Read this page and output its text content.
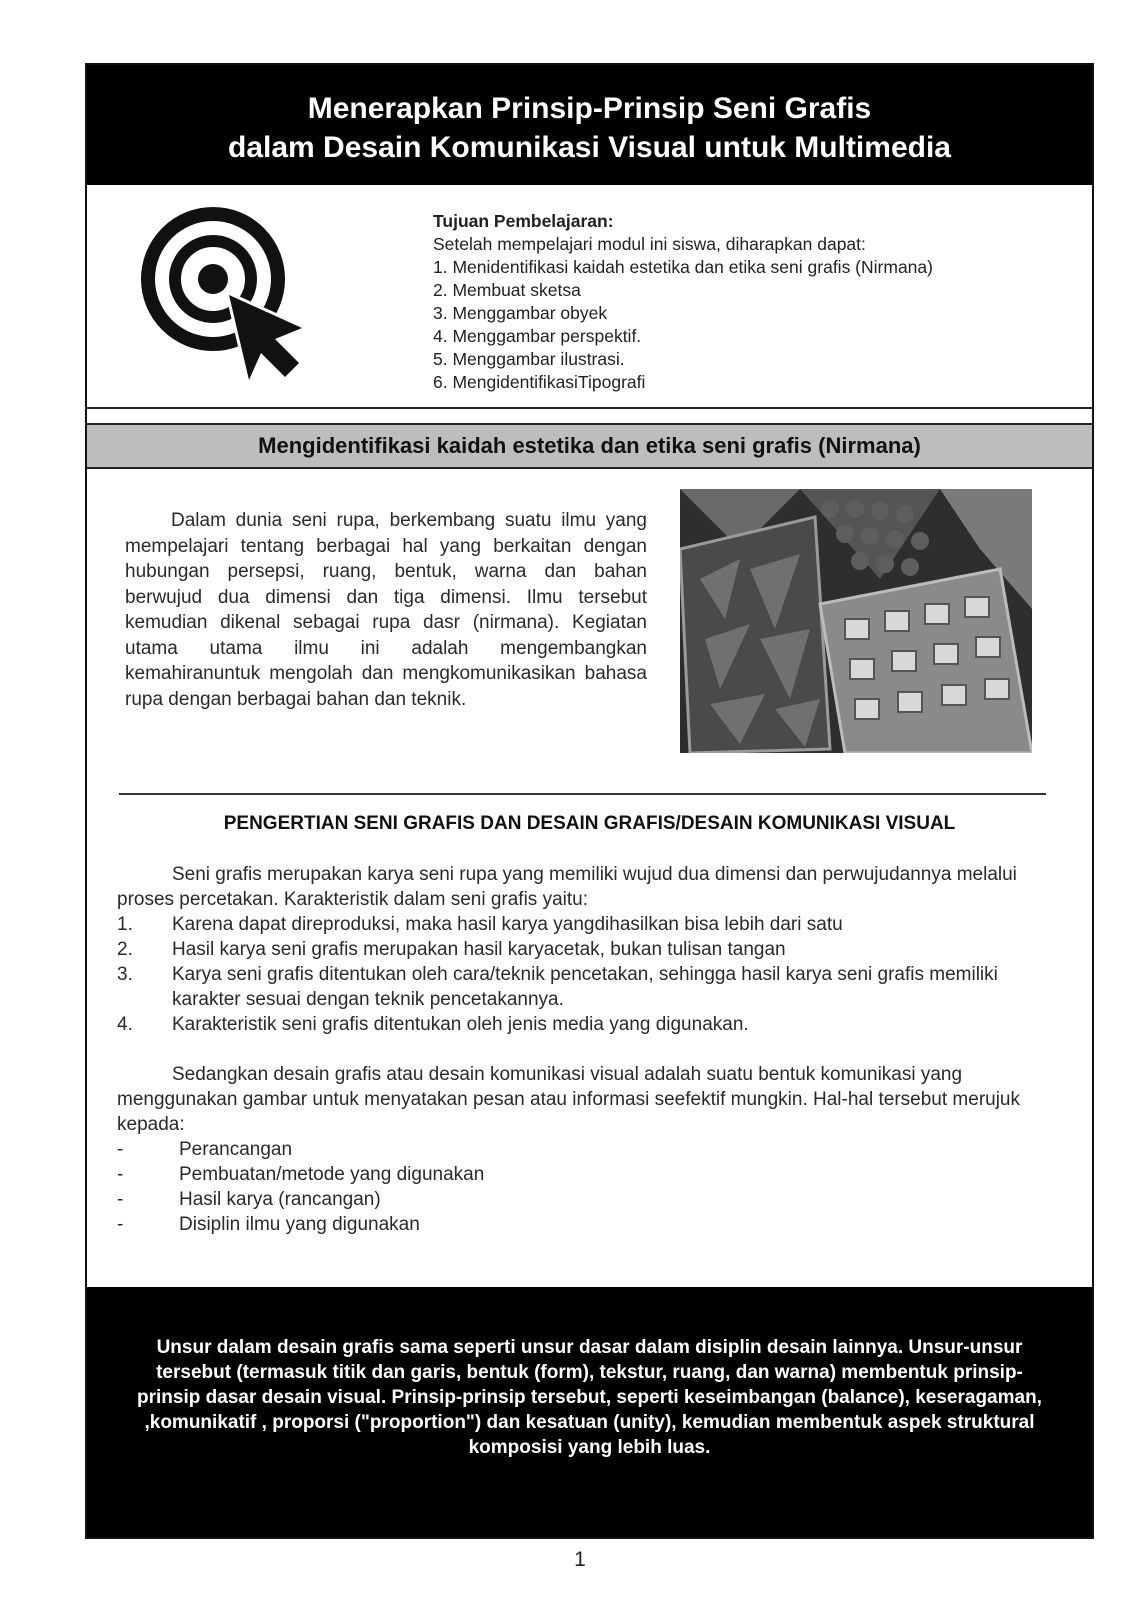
Menerapkan Prinsip-Prinsip Seni Grafis
dalam Desain Komunikasi Visual untuk Multimedia
Tujuan Pembelajaran:
Setelah mempelajari modul ini siswa, diharapkan dapat:
1. Menidentifikasi kaidah estetika dan etika seni grafis (Nirmana)
2. Membuat sketsa
3. Menggambar obyek
4. Menggambar perspektif.
5. Menggambar ilustrasi.
6. MengidentifikasiTipografi
Mengidentifikasi kaidah estetika dan etika seni grafis (Nirmana)
Dalam dunia seni rupa, berkembang suatu ilmu yang mempelajari tentang berbagai hal yang berkaitan dengan hubungan persepsi, ruang, bentuk, warna dan bahan berwujud dua dimensi dan tiga dimensi. Ilmu tersebut kemudian dikenal sebagai rupa dasr (nirmana). Kegiatan utama utama ilmu ini adalah mengembangkan kemahiranuntuk mengolah dan mengkomunikasikan bahasa rupa dengan berbagai bahan dan teknik.
PENGERTIAN SENI GRAFIS DAN DESAIN GRAFIS/DESAIN KOMUNIKASI VISUAL

Seni grafis merupakan karya seni rupa yang memiliki wujud dua dimensi dan perwujudannya melalui proses percetakan. Karakteristik dalam seni grafis yaitu:

1. Karena dapat direproduksi, maka hasil karya yangdihasilkan bisa lebih dari satu
2. Hasil karya seni grafis merupakan hasil karyacetak, bukan tulisan tangan
3. Karya seni grafis ditentukan oleh cara/teknik pencetakan, sehingga hasil karya seni grafis memiliki karakter sesuai dengan teknik pencetakannya.
4. Karakteristik seni grafis ditentukan oleh jenis media yang digunakan.

Sedangkan desain grafis atau desain komunikasi visual adalah suatu bentuk komunikasi yang menggunakan gambar untuk menyatakan pesan atau informasi seefektif mungkin. Hal-hal tersebut merujuk kepada:

-	Perancangan
-	Pembuatan/metode yang digunakan
-	Hasil karya (rancangan)
-	Disiplin ilmu yang digunakan
Unsur dalam desain grafis sama seperti unsur dasar dalam disiplin desain lainnya. Unsur-unsur tersebut (termasuk titik dan garis, bentuk (form), tekstur, ruang, dan warna) membentuk prinsip-prinsip dasar desain visual. Prinsip-prinsip tersebut, seperti keseimbangan (balance), keseragaman, ,komunikatif , proporsi ("proportion") dan kesatuan (unity), kemudian membentuk aspek struktural komposisi yang lebih luas.
1
